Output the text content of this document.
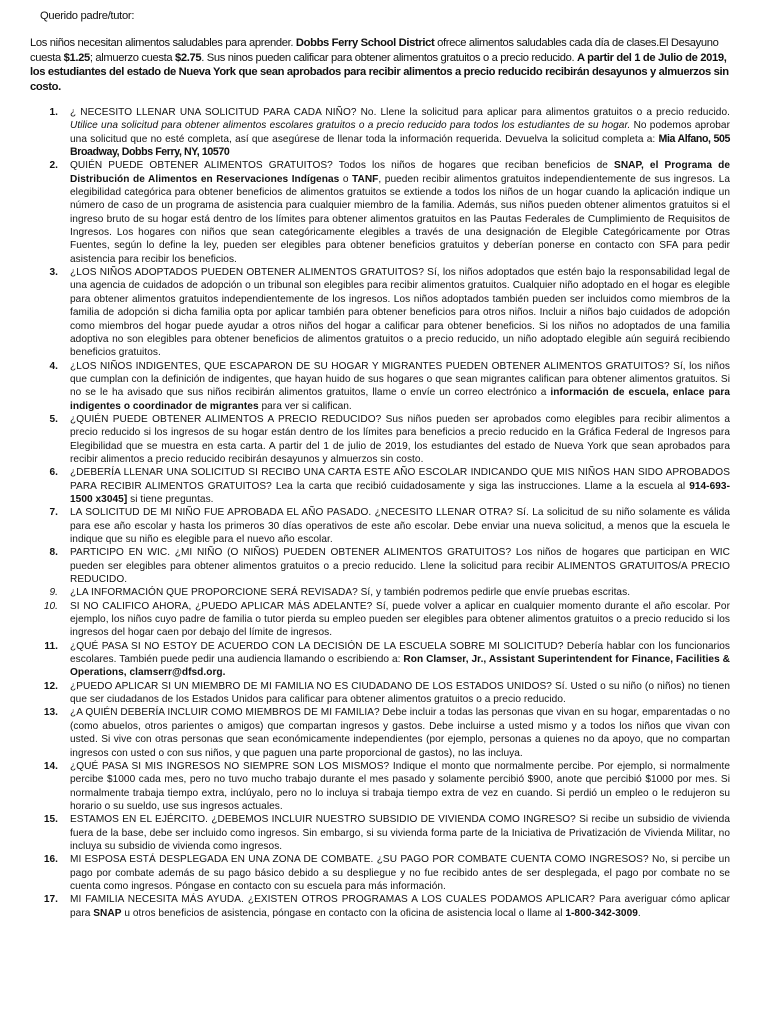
Querido padre/tutor:

Los niños necesitan alimentos saludables para aprender. Dobbs Ferry School District ofrece alimentos saludables cada día de clases.El Desayuno cuesta $1.25; almuerzo cuesta $2.75. Sus ninos pueden calificar para obtener alimentos gratuitos o a precio reducido. A partir del 1 de Julio de 2019, los estudiantes del estado de Nueva York que sean aprobados para recibir alimentos a precio reducido recibirán desayunos y almuerzos sin costo.

1.	¿ NECESITO LLENAR UNA SOLICITUD PARA CADA NIÑO? No. Llene la solicitud para aplicar para alimentos gratuitos o a precio reducido. Utilice una solicitud para obtener alimentos escolares gratuitos o a precio reducido para todos los estudiantes de su hogar. No podemos aprobar una solicitud que no esté completa, así que asegúrese de llenar toda la información requerida. Devuelva la solicitud completa a: Mia Alfano, 505 Broadway, Dobbs Ferry, NY, 10570
2.	QUIÉN PUEDE OBTENER ALIMENTOS GRATUITOS? Todos los niños de hogares que reciban beneficios de SNAP, el Programa de Distribución de Alimentos en Reservaciones Indígenas o TANF, pueden recibir alimentos gratuitos independientemente de sus ingresos. La elegibilidad categórica para obtener beneficios de alimentos gratuitos se extiende a todos los niños de un hogar cuando la aplicación indique un número de caso de un programa de asistencia para cualquier miembro de la familia. Además, sus niños pueden obtener alimentos gratuitos si el ingreso bruto de su hogar está dentro de los límites para obtener alimentos gratuitos en las Pautas Federales de Cumplimiento de Requisitos de Ingresos. Los hogares con niños que sean categóricamente elegibles a través de una designación de Elegible Categóricamente por Otras Fuentes, según lo define la ley, pueden ser elegibles para obtener beneficios gratuitos y deberían ponerse en contacto con SFA para pedir asistencia para recibir los beneficios.
3.	¿LOS NIÑOS ADOPTADOS PUEDEN OBTENER ALIMENTOS GRATUITOS? Sí, los niños adoptados que estén bajo la responsabilidad legal de una agencia de cuidados de adopción o un tribunal son elegibles para recibir alimentos gratuitos. Cualquier niño adoptado en el hogar es elegible para obtener alimentos gratuitos independientemente de los ingresos. Los niños adoptados también pueden ser incluidos como miembros de la familia de adopción si dicha familia opta por aplicar también para obtener beneficios para otros niños. Incluir a niños bajo cuidados de adopción como miembros del hogar puede ayudar a otros niños del hogar a calificar para obtener beneficios. Si los niños no adoptados de una familia adoptiva no son elegibles para obtener beneficios de alimentos gratuitos o a precio reducido, un niño adoptado elegible aún seguirá recibiendo beneficios gratuitos.
4.	¿LOS NIÑOS INDIGENTES, QUE ESCAPARON DE SU HOGAR Y MIGRANTES PUEDEN OBTENER ALIMENTOS GRATUITOS? Sí, los niños que cumplan con la definición de indigentes, que hayan huido de sus hogares o que sean migrantes califican para obtener alimentos gratuitos. Si no se le ha avisado que sus niños recibirán alimentos gratuitos, llame o envíe un correo electrónico a información de escuela, enlace para indigentes o coordinador de migrantes para ver si califican.
5.	¿QUIÉN PUEDE OBTENER ALIMENTOS A PRECIO REDUCIDO? Sus niños pueden ser aprobados como elegibles para recibir alimentos a precio reducido si los ingresos de su hogar están dentro de los límites para beneficios a precio reducido en la Gráfica Federal de Ingresos para Elegibilidad que se muestra en esta carta. A partir del 1 de julio de 2019, los estudiantes del estado de Nueva York que sean aprobados para recibir alimentos a precio reducido recibirán desayunos y almuerzos sin costo.
6.	¿DEBERÍA LLENAR UNA SOLICITUD SI RECIBO UNA CARTA ESTE AÑO ESCOLAR INDICANDO QUE MIS NIÑOS HAN SIDO APROBADOS PARA RECIBIR ALIMENTOS GRATUITOS? Lea la carta que recibió cuidadosamente y siga las instrucciones. Llame a la escuela al 914-693-1500 x3045] si tiene preguntas.
7.	LA SOLICITUD DE MI NIÑO FUE APROBADA EL AÑO PASADO. ¿NECESITO LLENAR OTRA? Sí. La solicitud de su niño solamente es válida para ese año escolar y hasta los primeros 30 días operativos de este año escolar. Debe enviar una nueva solicitud, a menos que la escuela le indique que su niño es elegible para el nuevo año escolar.
8.	PARTICIPO EN WIC. ¿MI NIÑO (O NIÑOS) PUEDEN OBTENER ALIMENTOS GRATUITOS? Los niños de hogares que participan en WIC pueden ser elegibles para obtener alimentos gratuitos o a precio reducido. Llene la solicitud para recibir ALIMENTOS GRATUITOS/A PRECIO REDUCIDO.
9.	¿LA INFORMACIÓN QUE PROPORCIONE SERÁ REVISADA? Sí, y también podremos pedirle que envíe pruebas escritas.
10.	SI NO CALIFICO AHORA, ¿PUEDO APLICAR MÁS ADELANTE? Sí, puede volver a aplicar en cualquier momento durante el año escolar. Por ejemplo, los niños cuyo padre de familia o tutor pierda su empleo pueden ser elegibles para obtener alimentos gratuitos o a precio reducido si los ingresos del hogar caen por debajo del límite de ingresos.
11.	¿QUÉ PASA SI NO ESTOY DE ACUERDO CON LA DECISIÓN DE LA ESCUELA SOBRE MI SOLICITUD? Debería hablar con los funcionarios escolares. También puede pedir una audiencia llamando o escribiendo a: Ron Clamser, Jr., Assistant Superintendent for Finance, Facilities & Operations, clamserr@dfsd.org.
12.	¿PUEDO APLICAR SI UN MIEMBRO DE MI FAMILIA NO ES CIUDADANO DE LOS ESTADOS UNIDOS? Sí. Usted o su niño (o niños) no tienen que ser ciudadanos de los Estados Unidos para calificar para obtener alimentos gratuitos o a precio reducido.
13.	¿A QUIÉN DEBERÍA INCLUIR COMO MIEMBROS DE MI FAMILIA? Debe incluir a todas las personas que vivan en su hogar, emparentadas o no (como abuelos, otros parientes o amigos) que compartan ingresos y gastos. Debe incluirse a usted mismo y a todos los niños que vivan con usted. Si vive con otras personas que sean económicamente independientes (por ejemplo, personas a quienes no da apoyo, que no compartan ingresos con usted o con sus niños, y que paguen una parte proporcional de gastos), no las incluya.
14.	¿QUÉ PASA SI MIS INGRESOS NO SIEMPRE SON LOS MISMOS? Indique el monto que normalmente percibe. Por ejemplo, si normalmente percibe $1000 cada mes, pero no tuvo mucho trabajo durante el mes pasado y solamente percibió $900, anote que percibió $1000 por mes. Si normalmente trabaja tiempo extra, inclúyalo, pero no lo incluya si trabaja tiempo extra de vez en cuando. Si perdió un empleo o le redujeron su horario o su sueldo, use sus ingresos actuales.
15.	ESTAMOS EN EL EJÉRCITO. ¿DEBEMOS INCLUIR NUESTRO SUBSIDIO DE VIVIENDA COMO INGRESO? Si recibe un subsidio de vivienda fuera de la base, debe ser incluido como ingresos. Sin embargo, si su vivienda forma parte de la Iniciativa de Privatización de Vivienda Militar, no incluya su subsidio de vivienda como ingresos.
16.	MI ESPOSA ESTÁ DESPLEGADA EN UNA ZONA DE COMBATE. ¿SU PAGO POR COMBATE CUENTA COMO INGRESOS? No, si percibe un pago por combate además de su pago básico debido a su despliegue y no fue recibido antes de ser desplegada, el pago por combate no se cuenta como ingresos. Póngase en contacto con su escuela para más información.
17.	MI FAMILIA NECESITA MÁS AYUDA. ¿EXISTEN OTROS PROGRAMAS A LOS CUALES PODAMOS APLICAR? Para averiguar cómo aplicar para SNAP u otros beneficios de asistencia, póngase en contacto con la oficina de asistencia local o llame al 1-800-342-3009.
